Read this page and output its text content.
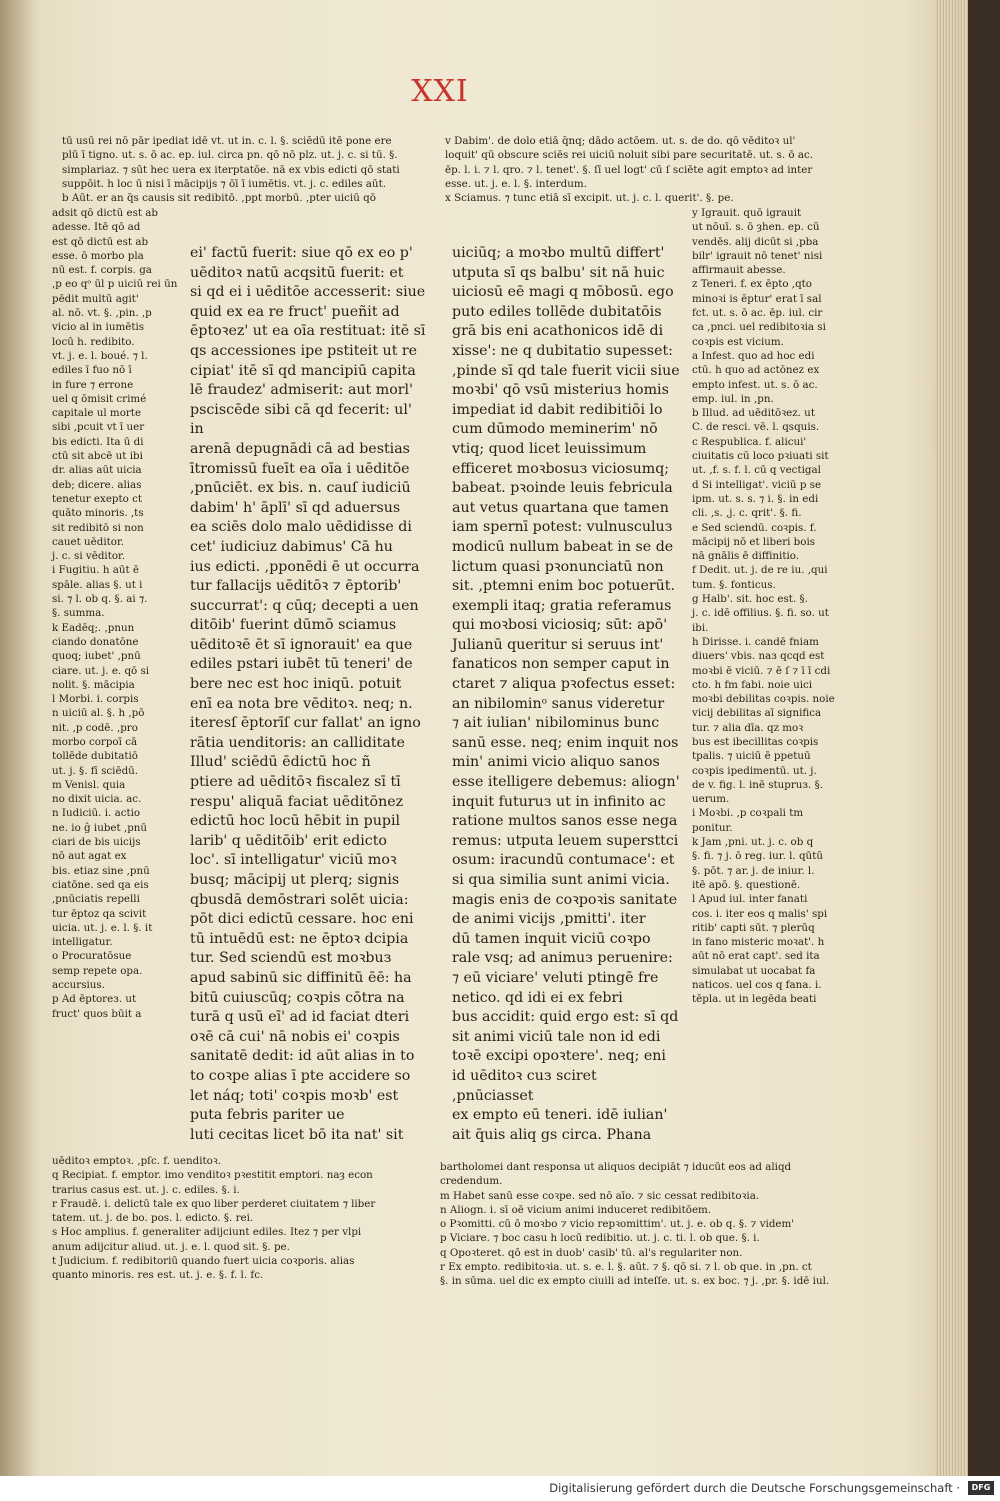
XXI
tū usū rei nō pār ipediat idē vt. ut in. c. l. §. sciēdū itē pone ere
plū ī tigno. ut. s. ō ac. ep. iul. circa pn. qō nō plz. ut. j. c. si tū. §.
simplariaz. ⁊ sūt hec uera ex iterptatōe. nā ex vbis edicti qō stati
suppōit. h loc ū nisi ī mācipijs ⁊ ōī ī iumētis. vt. j. c. ediles aūt.
b Aūt. er an q̄s causis sit redibitō. ,ppt morbū. ,pter uiciū qō
adsit qō dictū est ab
adesse. Itē qō ad
est qō dictū est ab
esse. ō morbo pla
nū est. f. corpis. ga
,p eo qᵒ ūl p uiciū rei ūn
pēdit multū agit'
al. nō. vt. §. ,pin. ,p
vicio al in iumētis
locū h. redibito.
vt. j. e. l. boué. ⁊ l.
ediles ī fuo nō ī
in fure ⁊ errone
uel q ōmisit crimé
capitale ul morte
sibi ,pcuit vt ī uer
bis edicti. Ita ū di
ctū sit abcē ut ibi
dr. alias aūt uicia
deb; dicere. alias
tenetur exepto ct
quāto minoris. ,ts
sit redibitō si non
cauet uēditor.
j. c. si vēditor.
i Fugitiu. h aūt ē
spāle. alias §. ut i
si. ⁊ l. ob q. §. ai ⁊.
§. summa.
k Eadēq;. ,pnun
ciando donatōne
quoq; iubet' ,pnū
ciare. ut. j. e. qō si
nolit. §. mācipia
l Morbi. i. corpis
n uiciū al. §. h ,pō
nit. ,p codē. ,pro
morbo corpoī cā
tollēde dubitatiō
ut. j. §. fī sciēdū.
m Venisl. quia
no dixit uicia. ac.
n Iudiciū. i. actio
ne. io ĝ iubet ,pnū
ciari de bis uicijs
nō aut agat ex
bis. etiaz sine ,pnū
ciatōne. sed qa eis
,pnūciatis repelli
tur ēptoz qa scivit
uicia. ut. j. e. l. §. it
intelligatur.
o Procuratōsue
semp repete opa.
accursius.
p Ad ēptoreз. ut
fruct' quos būit a
uēditoꝛ emptoꝛ. ,pſc. f. uenditoꝛ.
q Recipiat. f. emptor. imo venditoꝛ pꝛestitit emptori. naȝ econ
trarius casus est. ut. j. c. ediles. §. i.
r Fraudē. i. delictū tale ex quo liber perderet ciuitatem ⁊ liber
tatem. ut. j. de bo. pos. l. edicto. §. rei.
s Hoc amplius. f. generaliter adijciunt ediles. Itez ⁊ per vlpi
anum adijcitur aliud. ut. j. e. l. quod sit. §. pe.
t Judicium. f. redibitoriū quando fuert uicia coꝛporis. alias
quanto minoris. res est. ut. j. e. §. f. l. fc.
ei' factū fuerit: siue qō ex eo p'
uēditoꝛ natū acqsitū fuerit: et
si qd ei i uēditōe accesserit: siue
quid ex ea re fruct' pueñit ad
ēptoꝛez' ut ea oīa restituat: itē sī
qs accessiones ipe pstiteit ut re
cipiat' itē sī qd mancipiū capita
lē fraudez' admiserit: aut morl'
psciscēde sibi cā qd fecerit: ul' in
arenā depugnādi cā ad bestias
ītromissū fueīt ea oīa i uēditōe
,pnūciēt. ex bis. n. cauſ iudiciū
dabim' h' āplī' sī qd aduersus
ea sciēs dolo malo uēdidisse di
cet' iudiciuz dabimus' Cā hu
ius edicti. ,pponēdi ē ut occurra
tur fallacijs uēditōꝛ ⁊ ēptorib'
succurrat': q cūq; decepti a uen
ditōib' fuerint dūmō sciamus
uēditoꝛē ēt sī ignorauit' ea que
ediles pstari iubēt tū teneri' de
bere nec est hoc iniqū. potuit
enī ea nota bre vēditoꝛ. neq; n.
iteresſ ēptorīſ cur fallat' an igno
rātia uenditoris: an calliditate
Illud' sciēdū ēdictū hoc ñ
ptiere ad uēditōꝛ fiscalez sī tī
respu' aliquā faciat uēditōnez
edictū hoc locū hēbit in pupil
larib' q uēditōib' erit edicto
loc'. sī intelligatur' viciū moꝛ
busq; mācipij ut plerq; signis
qbusdā demōstrari solēt uicia:
pōt dici edictū cessare. hoc eni
tū intuēdū est: ne ēptoꝛ dcipia
tur. Sed sciendū est moꝛbuз
apud sabinū sic diffinitū ēē: ha
bitū cuiuscūq; coꝛpis cōtra na
turā q usū eī' ad id faciat dteri
oꝛē cā cui' nā nobis ei' coꝛpis
sanitatē dedit: id aūt alias in to
to coꝛpe alias ī pte accidere so
let náq; toti' coꝛpis moꝛb' est
puta febris pariter ue
luti cecitas licet bō ita nat' sit
uiciūq; a moꝛbo multū differt'
utputa sī qs balbu' sit nā huic
uiciosū eē magi q mōbosū. ego
puto ediles tollēde dubitatōis
grā bis eni acathonicos idē di
xisse': ne q dubitatio supesset:
,pinde sī qd tale fuerit vicii siue
moꝛbi' qō vsū misteriuз homis
impediat id dabit redibitiōi lo
cum dūmodo meminerim' nō
vtiq; quod licet leuissimum
efficeret moꝛbosuз viciosumq;
babeat. pꝛoinde leuis febricula
aut vetus quartana que tamen
iam spernī potest: vulnusculuз
modicū nullum babeat in se de
lictum quasi pꝛonunciatū non
sit. ,ptemni enim boc potuerūt.
exempli itaq; gratia referamus
qui moꝛbosi viciosiq; sūt: apō'
Julianū queritur si seruus int'
fanaticos non semper caput in
ctaret ⁊ aliqua pꝛofectus esset:
an nibilominᵒ sanus videretur
⁊ ait iulian' nibilominus bunc
sanū esse. neq; enim inquit nos
min' animi vicio aliquo sanos
esse itelligere debemus: aliogn'
inquit futuruз ut in infinito ac
ratione multos sanos esse nega
remus: utputa leuem supersttci
osum: iracundū contumace': et
si qua similia sunt animi vicia.
magis eniз de coꝛpoꝛis sanitate
de animi vicijs ,pmitti'. iter
dū tamen inquit viciū coꝛpo
rale vsq; ad animuз peruenire:
⁊ eū viciare' veluti ptingē fre
netico. qd idi ei ex febri
bus accidit: quid ergo est: sī qd
sit animi viciū tale non id edi
toꝛē excipi opoꝛtere'. neq; eni
id uēditoꝛ cuз sciret ,pnūciasset
ex empto eū teneri. idē iulian'
ait q̄uis aliq gs circa. Phana
v Dabim'. de dolo etiā q̄nq; dādo actōem. ut. s. de do. qō vēditoꝛ ul'
loquit' qū obscure sciēs rei uiciū noluit sibi pare securitatē. ut. s. ō ac.
ēp. l. i. ⁊ l. qro. ⁊ l. tenet'. §. ſī uel logt' cū ſ sciēte agit emptoꝛ ad inter
esse. ut. j. e. l. §. interdum.
x Sciamus. ⁊ tunc etiā sī excipit. ut. j. c. l. querit'. §. pe.
y Igrauit. quō igrauit
ut nōuī. s. ō ȝhen. ep. cū
vendēs. alij dicūt si ,pba
bilr' igrauit nō tenet' nisi
affirmauit abesse.
z Teneri. f. ex ēpto ,qto
minoꝛi is ēptur' erat ī sal
fct. ut. s. ō ac. ēp. iul. cir
ca ,pnci. uel redibitoꝛia si
coꝛpis est vicium.
a Infest. quo ad hoc edi
ctū. h quo ad actōnez ex
empto infest. ut. s. ō ac.
emp. iul. in ,pn.
b Illud. ad uēditōꝛez. ut
C. de resci. vē. l. qsquis.
c Respublica. f. alicui'
ciuitatis cū loco pꝛiuati sit
ut. ,f. s. f. l. cū q vectigal
d Si intelligat'. viciū p se
ipm. ut. s. s. ⁊ i. §. in edi
cli. ,s. ,j. c. qrit'. §. fi.
e Sed sciendū. coꝛpis. f.
mācipij nō et liberi bois
nā gnālis ē diffinitio.
f Dedit. ut. j. de re iu. ,qui
tum. §. fonticus.
g Halb'. sit. hoc est. §.
j. c. idē offilius. §. fi. so. ut
ibi.
h Dirisse. i. candē fniam
diuers' vbis. naз qcqd est
moꝛbi ē viciū. ⁊ ē ſ ⁊ ī ī cdi
cto. h fm fabi. noie uici
moꝛbi debilitas coꝛpis. noie
vicij debilitas aī significa
tur. ⁊ alia dīa. qz moꝛ
bus est ibecillitas coꝛpis
tpalis. ⁊ uiciū ē ppetuū
coꝛpis ipedimentū. ut. j.
de v. fig. l. inē stupruз. §.
uerum.
i Moꝛbi. ,p coꝛpali tm
ponitur.
k Jam ,pni. ut. j. c. ob q
§. fi. ⁊ j. ō reg. iur. l. qūtū
§. pōt. ⁊ ar. j. de iniur. l.
itē apō. §. questionē.
l Apud iul. inter fanati
cos. i. iter eos q malis' spi
ritib' capti sūt. ⁊ plerūq
in fano misteric moꝛat'. h
aūt nō erat capt'. sed ita
simulabat ut uocabat fa
naticos. uel cos q fana. i.
tēpla. ut in legēda beati
bartholomei dant responsa ut aliquos decipiāt ⁊ iducūt eos ad aliqd
credendum.
m Habet sanū esse coꝛpe. sed nō aīo. ⁊ sic cessat redibitoꝛia.
n Aliogn. i. sī oē vicium animi induceret redibitōem.
o Pꝛomitti. cū ō moꝛbo ⁊ vicio repꝛomittim'. ut. j. e. ob q. §. ⁊ videm'
p Viciare. ⁊ boc casu h locū redibitio. ut. j. c. ti. l. ob que. §. i.
q Opoꝛteret. qō est in duob' casib' tū. al's regulariter non.
r Ex empto. redibitoꝛia. ut. s. e. l. §. aūt. ⁊ §. qō si. ⁊ l. ob que. in ,pn. ct
§. in sūma. uel dic ex empto ciuili ad inteſſe. ut. s. ex boc. ⁊ j. ,pr. §. idē iul.
Digitalisierung gefördert durch die Deutsche Forschungsgemeinschaft ·	DFG
